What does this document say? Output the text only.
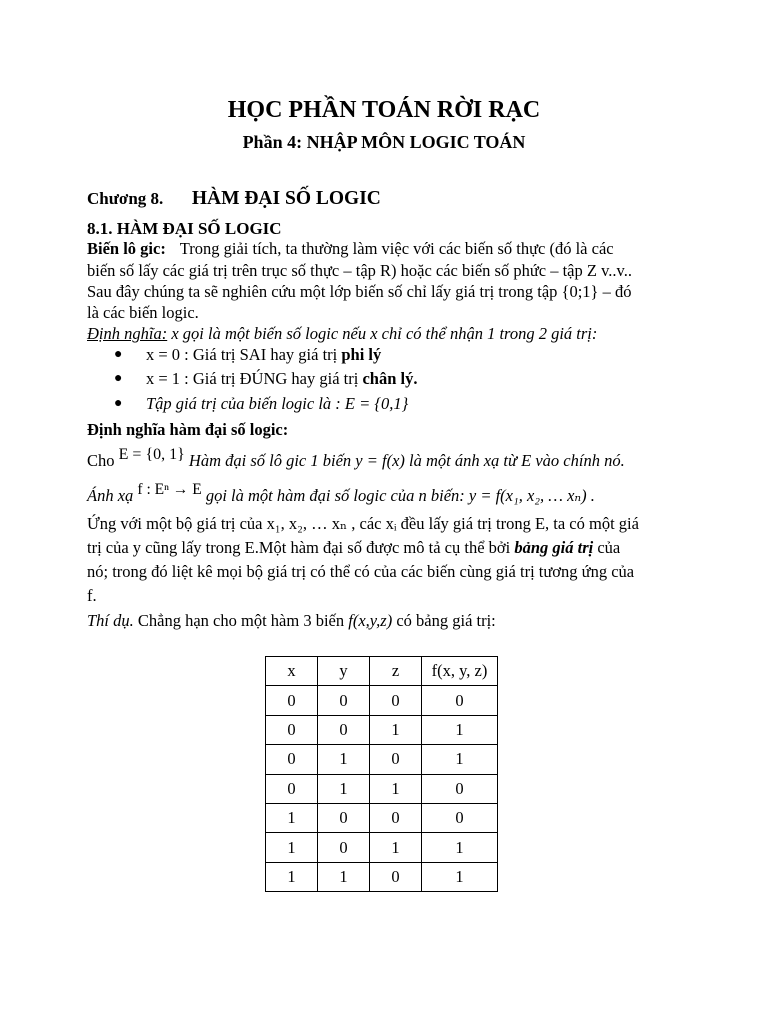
HỌC PHẦN TOÁN RỜI RẠC
Phần 4: NHẬP MÔN LOGIC TOÁN
Chương 8. HÀM ĐẠI SỐ LOGIC
8.1. HÀM ĐẠI SỐ LOGIC
Biến lô gic: Trong giải tích, ta thường làm việc với các biến số thực (đó là các
biến số lấy các giá trị trên trục số thực – tập R) hoặc các biến số phức – tập Z v..v..
Sau đây chúng ta sẽ nghiên cứu một lớp biến số chỉ lấy giá trị trong tập {0;1} – đó
là các biến logic.
Định nghĩa: x gọi là một biến số logic nếu x chỉ có thể nhận 1 trong 2 giá trị:
● x = 0 : Giá trị SAI hay giá trị phi lý
● x = 1 : Giá trị ĐÚNG hay giá trị chân lý.
● Tập giá trị của biến logic là : E = {0,1}
Định nghĩa hàm đại số logic:
Cho E = {0, 1} Hàm đại số lô gic 1 biến y = f(x) là một ánh xạ từ E vào chính nó.
Ánh xạ f : Eⁿ → E gọi là một hàm đại số logic của n biến: y = f(x₁, x₂, … xₙ) .
Ứng với một bộ giá trị của x₁, x₂, … xₙ , các xᵢ đều lấy giá trị trong E, ta có một giá
trị của y cũng lấy trong E.Một hàm đại số được mô tả cụ thể bởi bảng giá trị của
nó; trong đó liệt kê mọi bộ giá trị có thể có của các biến cùng giá trị tương ứng của
f.
Thí dụ. Chẳng hạn cho một hàm 3 biến f(x,y,z) có bảng giá trị:
x	y	z	f(x, y, z)
0	0	0	0
0	0	1	1
0	1	0	1
0	1	1	0
1	0	0	0
1	0	1	1
1	1	0	1
